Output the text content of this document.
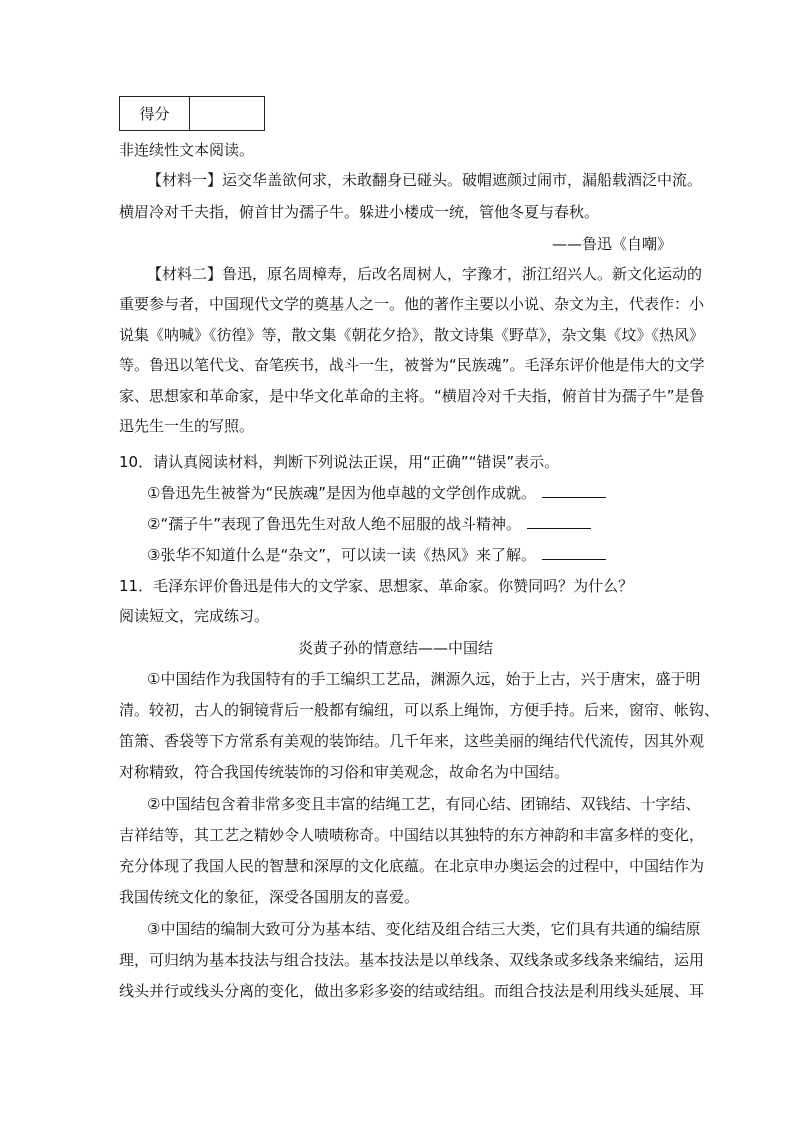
得分	

非连续性文本阅读。

【材料一】运交华盖欲何求，未敢翻身已碰头。破帽遮颜过闹市，漏船载酒泛中流。

横眉冷对千夫指，俯首甘为孺子牛。躲进小楼成一统，管他冬夏与春秋。

——鲁迅《自嘲》

【材料二】鲁迅，原名周樟寿，后改名周树人，字豫才，浙江绍兴人。新文化运动的

重要参与者，中国现代文学的奠基人之一。他的著作主要以小说、杂文为主，代表作：小

说集《呐喊》《彷徨》等，散文集《朝花夕拾》，散文诗集《野草》，杂文集《坟》《热风》

等。鲁迅以笔代戈、奋笔疾书，战斗一生，被誉为“民族魂”。毛泽东评价他是伟大的文学

家、思想家和革命家，是中华文化革命的主将。“横眉冷对千夫指，俯首甘为孺子牛”是鲁

迅先生一生的写照。

10．请认真阅读材料，判断下列说法正误，用“正确”“错误”表示。

①鲁迅先生被誉为“民族魂”是因为他卓越的文学创作成就。

②“孺子牛”表现了鲁迅先生对敌人绝不屈服的战斗精神。

③张华不知道什么是“杂文”，可以读一读《热风》来了解。

11．毛泽东评价鲁迅是伟大的文学家、思想家、革命家。你赞同吗？为什么？

阅读短文，完成练习。

炎黄子孙的情意结——中国结

①中国结作为我国特有的手工编织工艺品，渊源久远，始于上古，兴于唐宋，盛于明

清。较初，古人的铜镜背后一般都有编纽，可以系上绳饰，方便手持。后来，窗帘、帐钩、

笛箫、香袋等下方常系有美观的装饰结。几千年来，这些美丽的绳结代代流传，因其外观

对称精致，符合我国传统装饰的习俗和审美观念，故命名为中国结。

②中国结包含着非常多变且丰富的结绳工艺，有同心结、团锦结、双钱结、十字结、

吉祥结等，其工艺之精妙令人啧啧称奇。中国结以其独特的东方神韵和丰富多样的变化，

充分体现了我国人民的智慧和深厚的文化底蕴。在北京申办奥运会的过程中，中国结作为

我国传统文化的象征，深受各国朋友的喜爱。

③中国结的编制大致可分为基本结、变化结及组合结三大类，它们具有共通的编结原

理，可归纳为基本技法与组合技法。基本技法是以单线条、双线条或多线条来编结，运用

线头并行或线头分离的变化，做出多彩多姿的结或结组。而组合技法是利用线头延展、耳
